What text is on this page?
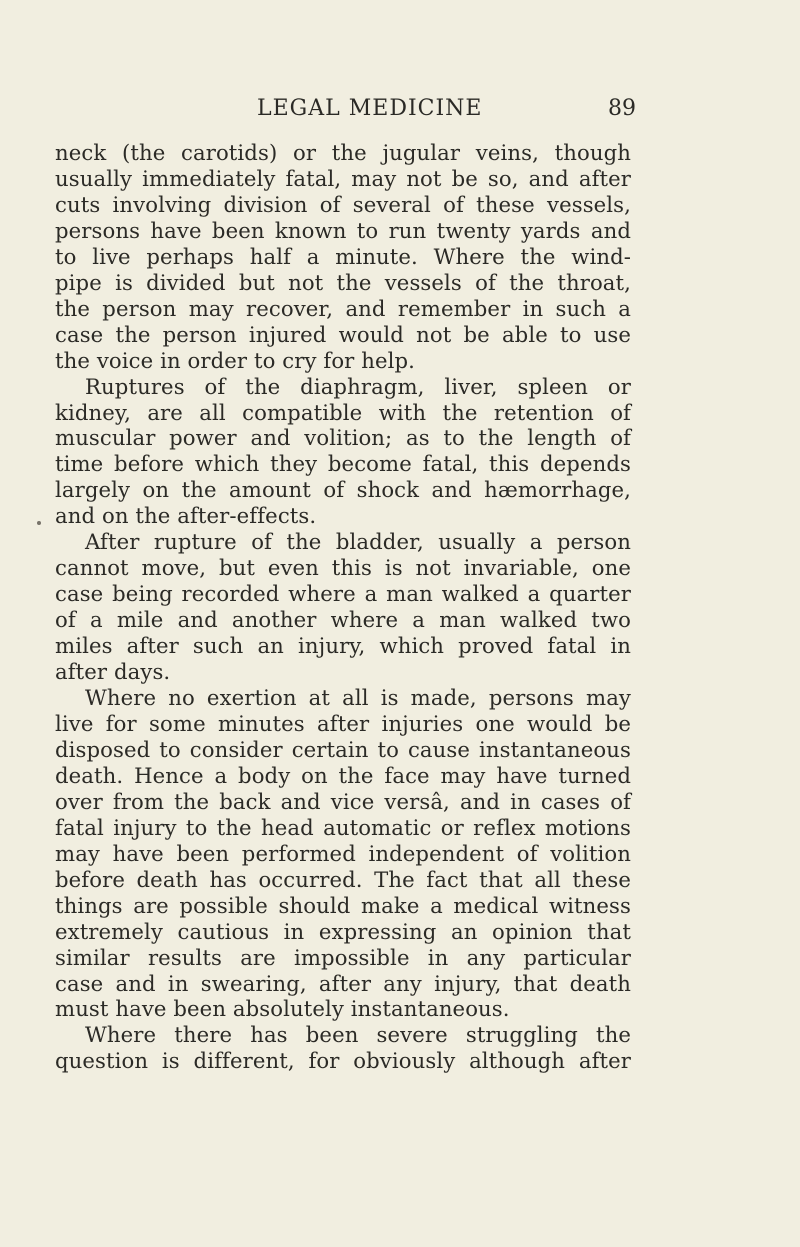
LEGAL MEDICINE	89
neck (the carotids) or the jugular veins, though
usually immediately fatal, may not be so, and after
cuts involving division of several of these vessels,
persons have been known to run twenty yards and
to live perhaps half a minute. Where the wind-
pipe is divided but not the vessels of the throat,
the person may recover, and remember in such a
case the person injured would not be able to use
the voice in order to cry for help.
Ruptures of the diaphragm, liver, spleen or
kidney, are all compatible with the retention of
muscular power and volition; as to the length of
time before which they become fatal, this depends
largely on the amount of shock and hæmorrhage,
and on the after-effects.
After rupture of the bladder, usually a person
cannot move, but even this is not invariable, one
case being recorded where a man walked a quarter
of a mile and another where a man walked two
miles after such an injury, which proved fatal in
after days.
Where no exertion at all is made, persons may
live for some minutes after injuries one would be
disposed to consider certain to cause instantaneous
death. Hence a body on the face may have turned
over from the back and vice versâ, and in cases of
fatal injury to the head automatic or reflex motions
may have been performed independent of volition
before death has occurred. The fact that all these
things are possible should make a medical witness
extremely cautious in expressing an opinion that
similar results are impossible in any particular
case and in swearing, after any injury, that death
must have been absolutely instantaneous.
Where there has been severe struggling the
question is different, for obviously although after
